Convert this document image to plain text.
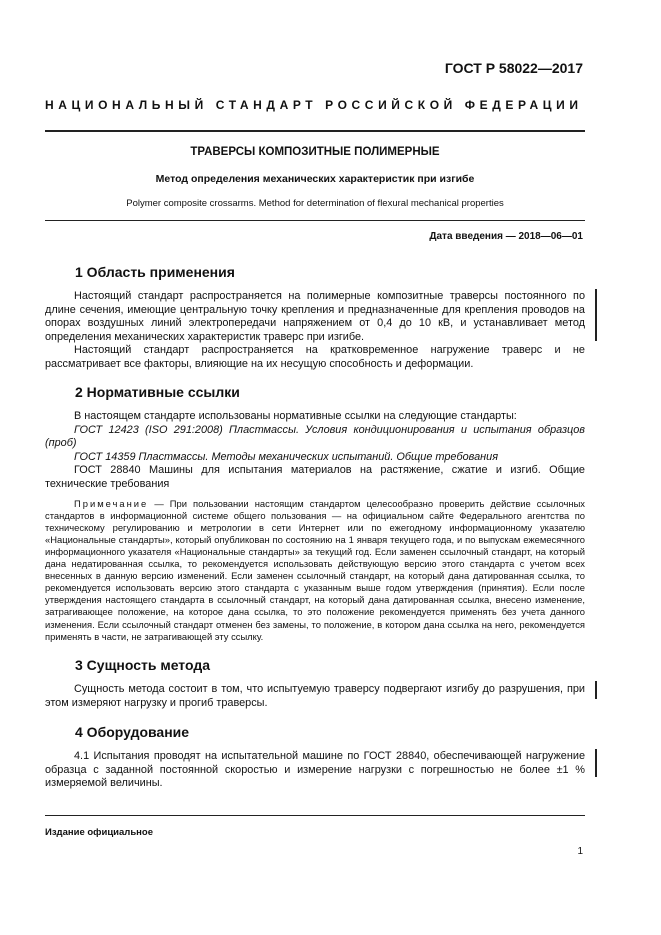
ГОСТ Р 58022—2017
НАЦИОНАЛЬНЫЙ СТАНДАРТ РОССИЙСКОЙ ФЕДЕРАЦИИ
ТРАВЕРСЫ КОМПОЗИТНЫЕ ПОЛИМЕРНЫЕ
Метод определения механических характеристик при изгибе
Polymer composite crossarms. Method for determination of flexural mechanical properties
Дата введения — 2018—06—01
1 Область применения

Настоящий стандарт распространяется на полимерные композитные траверсы постоянного по длине сечения, имеющие центральную точку крепления и предназначенные для крепления проводов на опорах воздушных линий электропередачи напряжением от 0,4 до 10 кВ, и устанавливает метод определения механических характеристик траверс при изгибе.

Настоящий стандарт распространяется на кратковременное нагружение траверс и не рассматривает все факторы, влияющие на их несущую способность и деформации.

2 Нормативные ссылки

В настоящем стандарте использованы нормативные ссылки на следующие стандарты:

ГОСТ 12423 (ISO 291:2008) Пластмассы. Условия кондиционирования и испытания образцов (проб)

ГОСТ 14359 Пластмассы. Методы механических испытаний. Общие требования

ГОСТ 28840 Машины для испытания материалов на растяжение, сжатие и изгиб. Общие технические требования

Примечание — При пользовании настоящим стандартом целесообразно проверить действие ссылочных стандартов в информационной системе общего пользования — на официальном сайте Федерального агентства по техническому регулированию и метрологии в сети Интернет или по ежегодному информационному указателю «Национальные стандарты», который опубликован по состоянию на 1 января текущего года, и по выпускам ежемесячного информационного указателя «Национальные стандарты» за текущий год. Если заменен ссылочный стандарт, на который дана недатированная ссылка, то рекомендуется использовать действующую версию этого стандарта с учетом всех внесенных в данную версию изменений. Если заменен ссылочный стандарт, на который дана датированная ссылка, то рекомендуется использовать версию этого стандарта с указанным выше годом утверждения (принятия). Если после утверждения настоящего стандарта в ссылочный стандарт, на который дана датированная ссылка, внесено изменение, затрагивающее положение, на которое дана ссылка, то это положение рекомендуется применять без учета данного изменения. Если ссылочный стандарт отменен без замены, то положение, в котором дана ссылка на него, рекомендуется применять в части, не затрагивающей эту ссылку.

3 Сущность метода

Сущность метода состоит в том, что испытуемую траверсу подвергают изгибу до разрушения, при этом измеряют нагрузку и прогиб траверсы.

4 Оборудование

4.1 Испытания проводят на испытательной машине по ГОСТ 28840, обеспечивающей нагружение образца с заданной постоянной скоростью и измерение нагрузки с погрешностью не более ±1 % измеряемой величины.

Издание официальное
1
